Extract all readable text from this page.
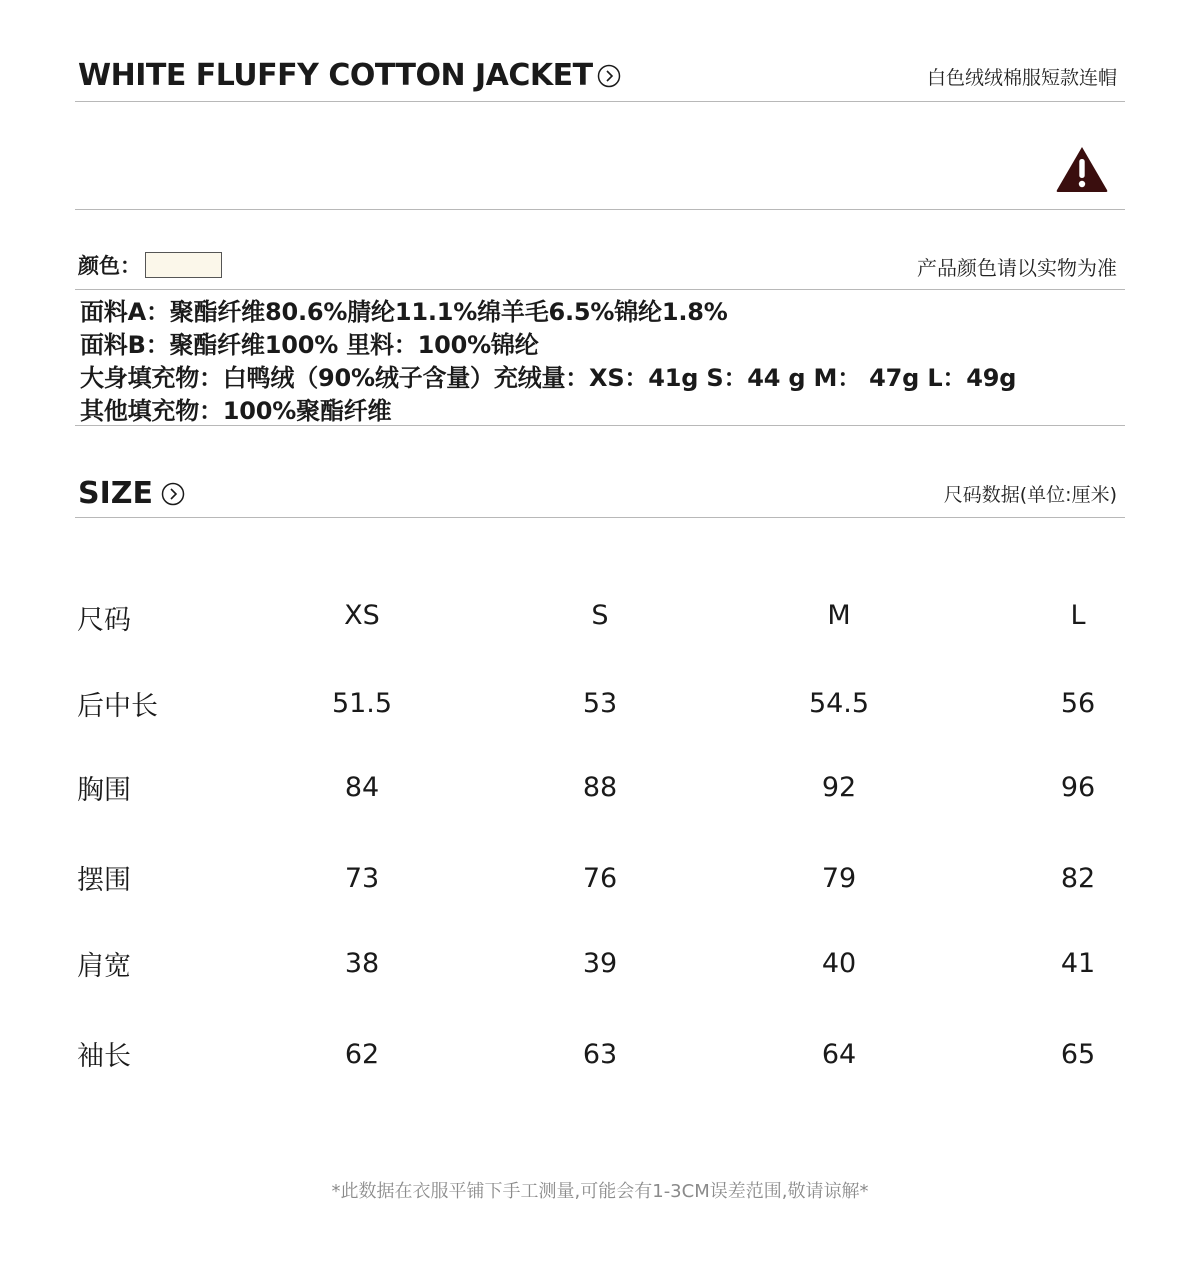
WHITE FLUFFY COTTON JACKET	白色绒绒棉服短款连帽
颜色：	产品颜色请以实物为准
面料A：聚酯纤维80.6%腈纶11.1%绵羊毛6.5%锦纶1.8%
面料B：聚酯纤维100% 里料：100%锦纶
大身填充物：白鸭绒（90%绒子含量）充绒量：XS：41g S：44 g M： 47g L：49g
其他填充物：100%聚酯纤维
SIZE	尺码数据(单位:厘米)
尺码	XS	S	M	L
后中长	51.5	53	54.5	56
胸围	84	88	92	96
摆围	73	76	79	82
肩宽	38	39	40	41
袖长	62	63	64	65
*此数据在衣服平铺下手工测量,可能会有1-3CM误差范围,敬请谅解*
